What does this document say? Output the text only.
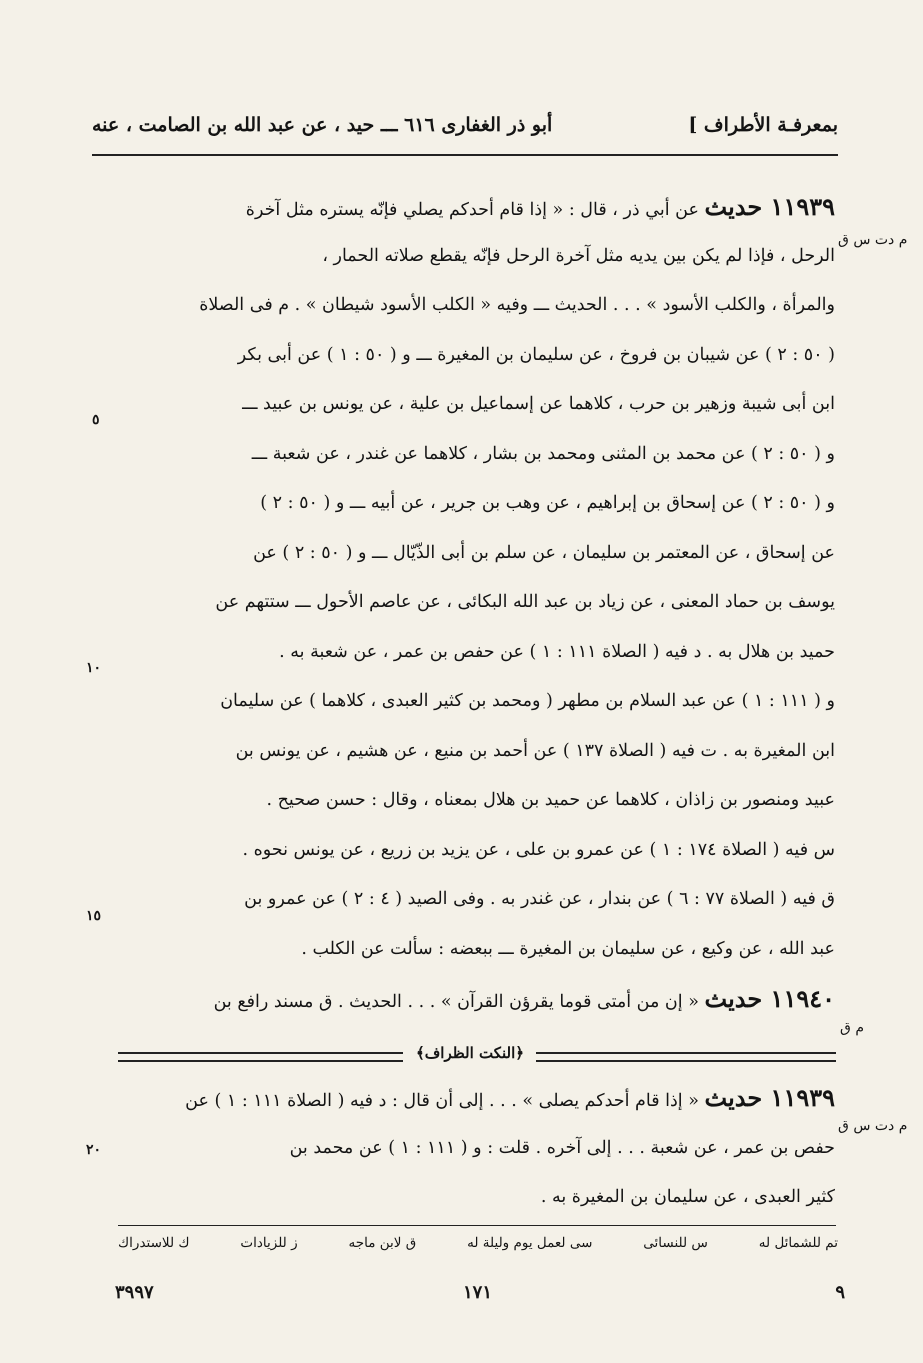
بمعرفـة الأطراف ]
أبو ذر الغفارى ٦١٦ ـــ حيد ، عن عبد الله بن الصامت ، عنه
١١٩٣٩ حديث عن أبي ذر ، قال : « إذا قام أحدكم يصلي فإنّه يستره مثل آخرة
الرحل ، فإذا لم يكن بين يديه مثل آخرة الرحل فإنّه يقطع صلاته الحمار ،
والمرأة ، والكلب الأسود » . . . الحديث ـــ وفيه « الكلب الأسود شيطان » . م فى الصلاة
( ٥٠ : ٢ ) عن شيبان بن فروخ ، عن سليمان بن المغيرة ـــ و ( ٥٠ : ١ ) عن أبى بكر
ابن أبى شيبة وزهير بن حرب ، كلاهما عن إسماعيل بن علية ، عن يونس بن عبيد ـــ
و ( ٥٠ : ٢ ) عن محمد بن المثنى ومحمد بن بشار ، كلاهما عن غندر ، عن شعبة ـــ
و ( ٥٠ : ٢ ) عن إسحاق بن إبراهيم ، عن وهب بن جرير ، عن أبيه ـــ و ( ٥٠ : ٢ )
عن إسحاق ، عن المعتمر بن سليمان ، عن سلم بن أبى الذّيّال ـــ و ( ٥٠ : ٢ ) عن
يوسف بن حماد المعنى ، عن زياد بن عبد الله البكائى ، عن عاصم الأحول ـــ ستتهم عن
حميد بن هلال به . د فيه ( الصلاة ١١١ : ١ ) عن حفص بن عمر ، عن شعبة به .
و ( ١١١ : ١ ) عن عبد السلام بن مطهر ( ومحمد بن كثير العبدى ، كلاهما ) عن سليمان
ابن المغيرة به . ت فيه ( الصلاة ١٣٧ ) عن أحمد بن منيع ، عن هشيم ، عن يونس بن
عبيد ومنصور بن زاذان ، كلاهما عن حميد بن هلال بمعناه ، وقال : حسن صحيح .
س فيه ( الصلاة ١٧٤ : ١ ) عن عمرو بن على ، عن يزيد بن زريع ، عن يونس نحوه .
ق فيه ( الصلاة ٧٧ : ٦ ) عن بندار ، عن غندر به . وفى الصيد ( ٤ : ٢ ) عن عمرو بن
عبد الله ، عن وكيع ، عن سليمان بن المغيرة ـــ ببعضه : سألت عن الكلب .
١١٩٤٠ حديث « إن من أمتى قوما يقرؤن القرآن » . . . الحديث . ق مسند رافع بن
م دت س ق
م ق
م دت س ق
٥
١٠
١٥
٢٠
﴿النكت الظراف﴾
١١٩٣٩ حديث « إذا قام أحدكم يصلى » . . . إلى أن قال : د فيه ( الصلاة ١١١ : ١ ) عن
حفص بن عمر ، عن شعبة . . . إلى آخره . قلت : و ( ١١١ : ١ ) عن محمد بن
كثير العبدى ، عن سليمان بن المغيرة به .
تم للشمائل له
س للنسائى
سى لعمل يوم وليلة له
ق لابن ماجه
ز للزيادات
ك للاستدراك
٣٩٩٧	١٧١	٩
